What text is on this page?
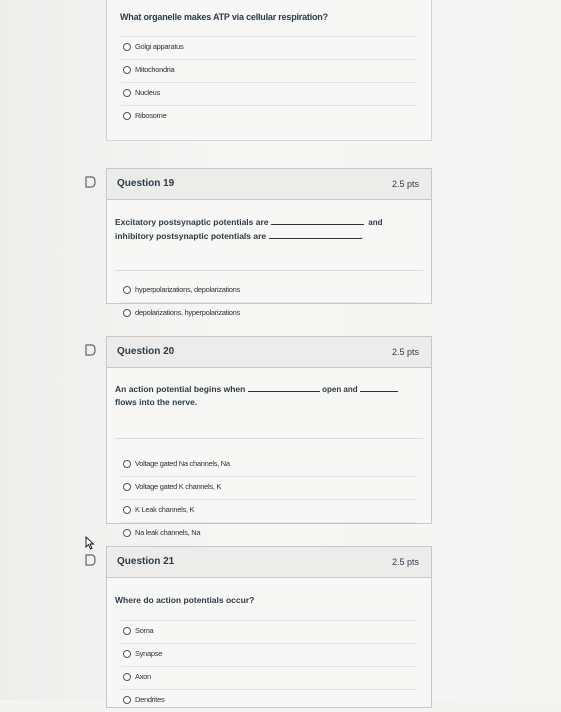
What organelle makes ATP via cellular respiration?
Golgi apparatus
Mitochondria
Nucleus
Ribosome
Question 19	2.5 pts
Excitatory postsynaptic potentials are	and
inhibitory postsynaptic potentials are	.
hyperpolarizations, depolarizations
depolarizations, hyperpolarizations
Question 20	2.5 pts
An action potential begins when	open and
flows into the nerve.
Voltage gated Na channels, Na
Voltage gated K channels, K
K Leak channels, K
Na leak channels, Na
Question 21	2.5 pts
Where do action potentials occur?
Soma
Synapse
Axon
Dendrites
